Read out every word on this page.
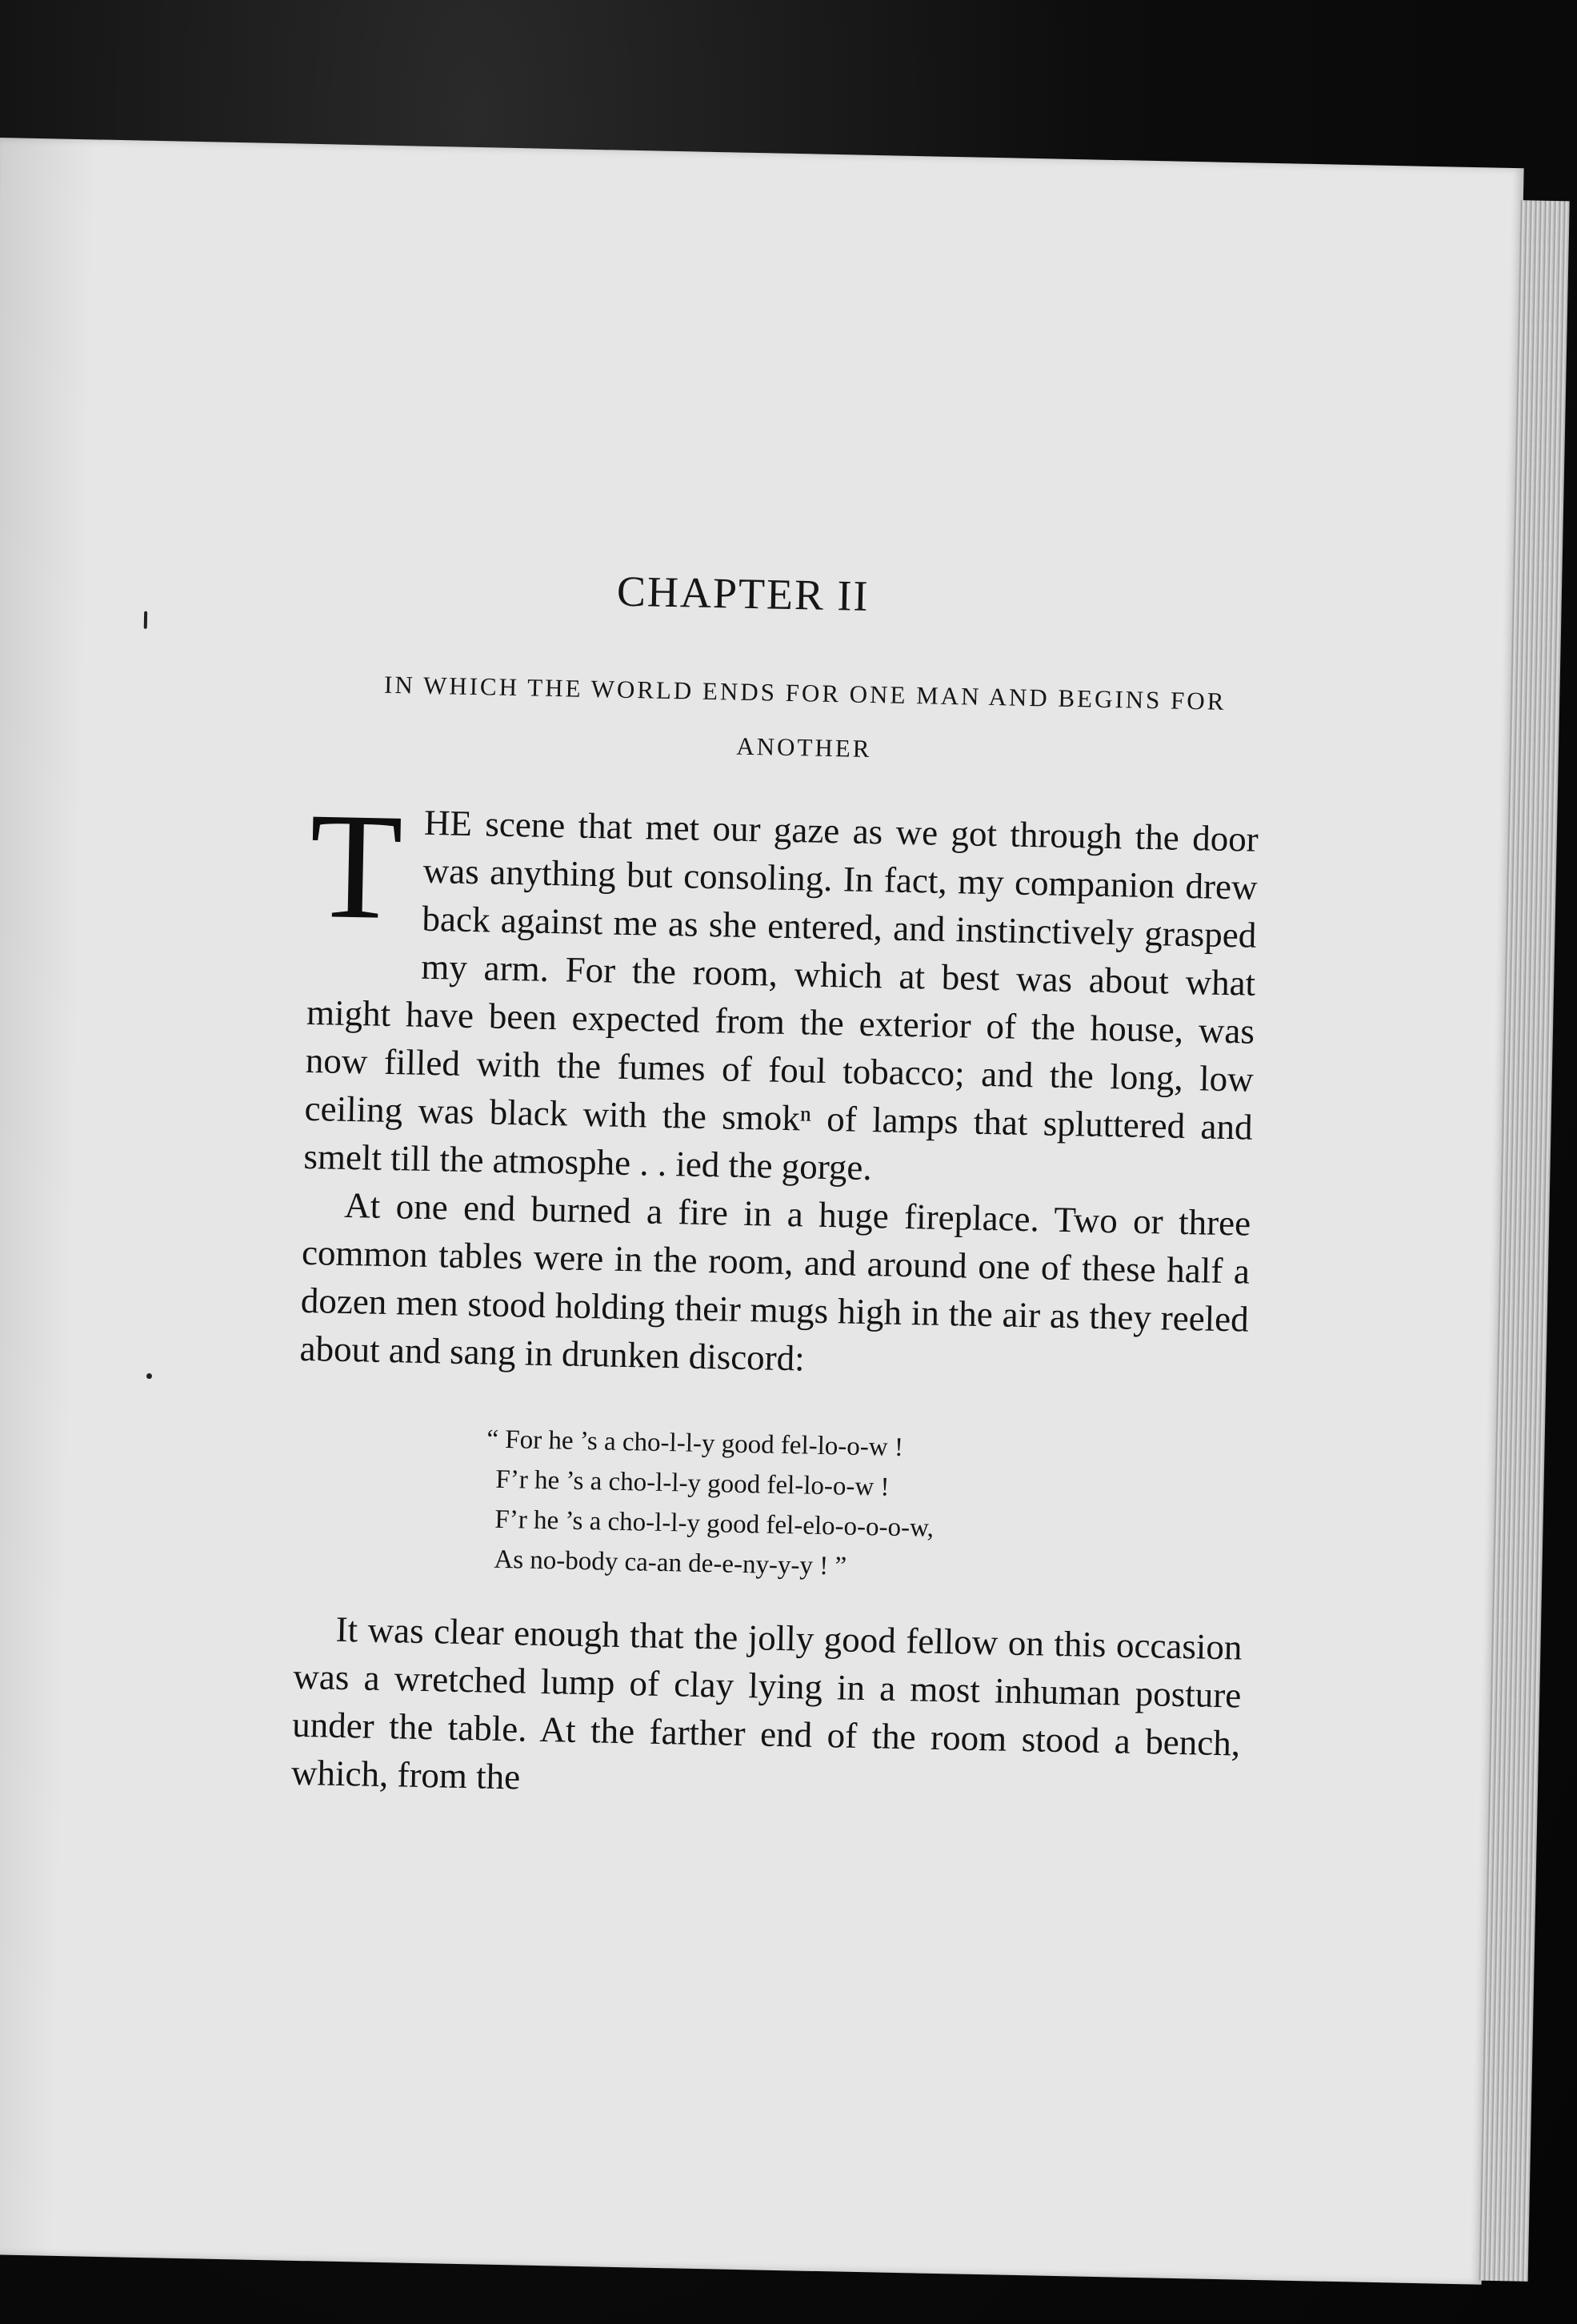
CHAPTER II
IN WHICH THE WORLD ENDS FOR ONE MAN AND BEGINS FOR ANOTHER

THE scene that met our gaze as we got through the door was anything but consoling. In fact, my companion drew back against me as she entered, and instinctively grasped my arm. For the room, which at best was about what might have been expected from the exterior of the house, was now filled with the fumes of foul tobacco; and the long, low ceiling was black with the smokⁿ of lamps that spluttered and smelt till the atmosphe . . ied the gorge.

At one end burned a fire in a huge fireplace. Two or three common tables were in the room, and around one of these half a dozen men stood holding their mugs high in the air as they reeled about and sang in drunken discord:

“ For he ’s a cho-l-l-y good fel-lo-o-w !
F’r he ’s a cho-l-l-y good fel-lo-o-w !
F’r he ’s a cho-l-l-y good fel-elo-o-o-o-w,
As no-body ca-an de-e-ny-y-y ! ”

It was clear enough that the jolly good fellow on this occasion was a wretched lump of clay lying in a most inhuman posture under the table. At the farther end of the room stood a bench, which, from the
